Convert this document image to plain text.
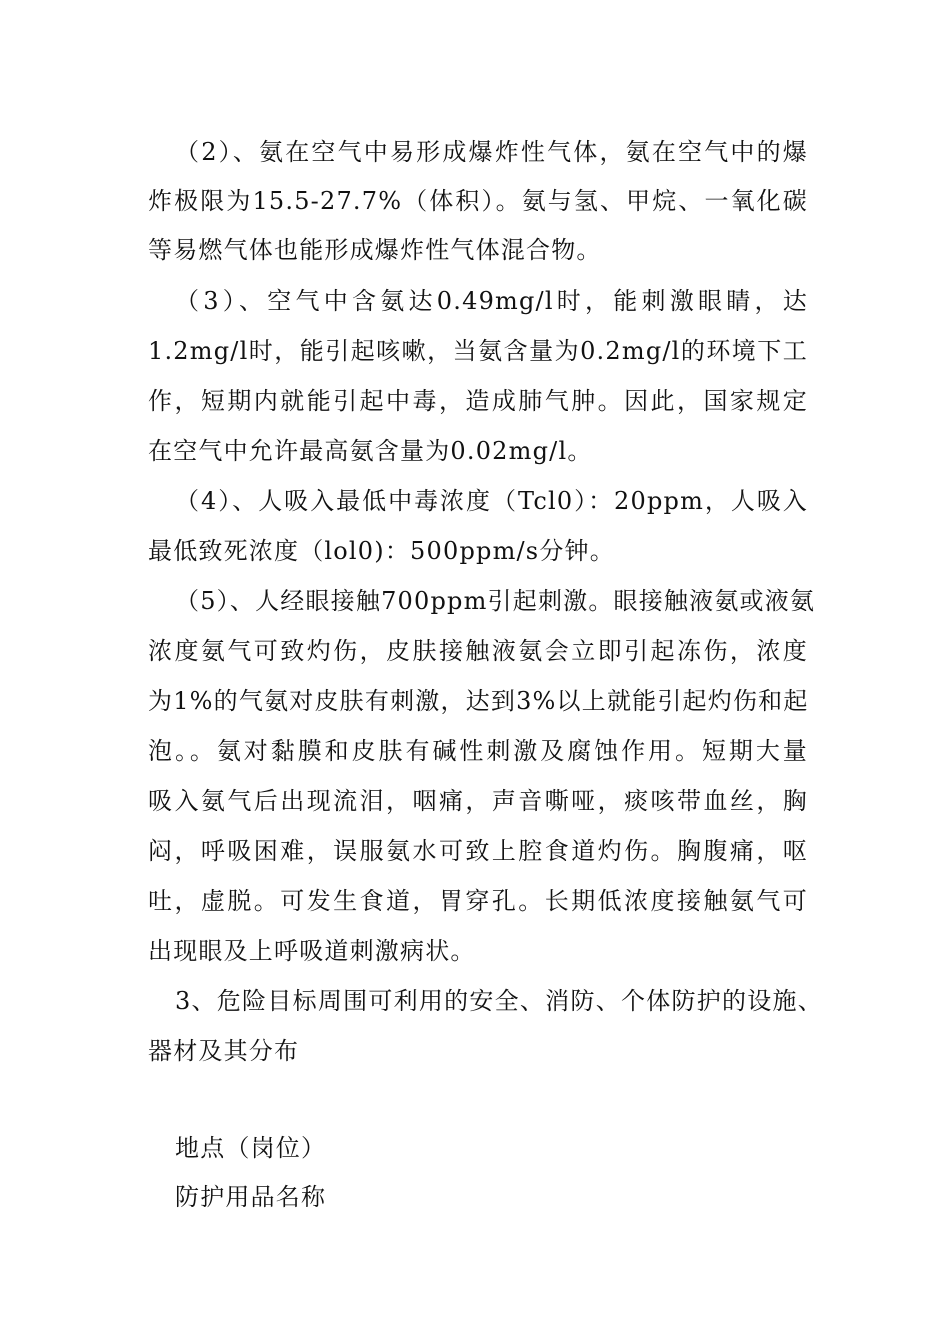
（2）、氨在空气中易形成爆炸性气体，氨在空气中的爆
炸极限为15.5-27.7%（体积）。氨与氢、甲烷、一氧化碳
等易燃气体也能形成爆炸性气体混合物。
（3）、空气中含氨达0.49mg/l时，能刺激眼睛，达
1.2mg/l时，能引起咳嗽，当氨含量为0.2mg/l的环境下工
作，短期内就能引起中毒，造成肺气肿。因此，国家规定
在空气中允许最高氨含量为0.02mg/l。
（4）、人吸入最低中毒浓度（Tcl0）：20ppm，人吸入
最低致死浓度（lol0)：500ppm/s分钟。
（5）、人经眼接触700ppm引起刺激。眼接触液氨或液氨
浓度氨气可致灼伤，皮肤接触液氨会立即引起冻伤，浓度
为1%的气氨对皮肤有刺激，达到3%以上就能引起灼伤和起
泡。。氨对黏膜和皮肤有碱性刺激及腐蚀作用。短期大量
吸入氨气后出现流泪，咽痛，声音嘶哑，痰咳带血丝，胸
闷，呼吸困难，误服氨水可致上腔食道灼伤。胸腹痛，呕
吐，虚脱。可发生食道，胃穿孔。长期低浓度接触氨气可
出现眼及上呼吸道刺激病状。
3、危险目标周围可利用的安全、消防、个体防护的设施、
器材及其分布
地点（岗位）
防护用品名称
